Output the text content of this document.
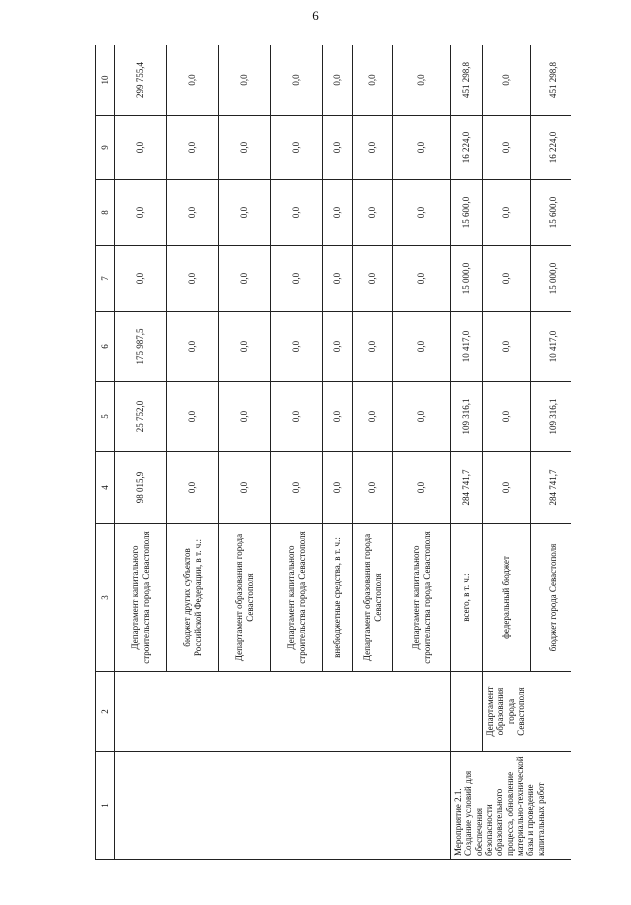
6
1	2	3	4	5	6	7	8	9	10
		Департамент капитального строительства города Севастополя	98 015,9	25 752,0	175 987,5	0,0	0,0	0,0	299 755,4
		бюджет других субъектов Российской Федерации, в т. ч.:	0,0	0,0	0,0	0,0	0,0	0,0	0,0
		Департамент образования города Севастополя	0,0	0,0	0,0	0,0	0,0	0,0	0,0
		Департамент капитального строительства города Севастополя	0,0	0,0	0,0	0,0	0,0	0,0	0,0
		внебюджетные средства, в т. ч.:	0,0	0,0	0,0	0,0	0,0	0,0	0,0
		Департамент образования города Севастополя	0,0	0,0	0,0	0,0	0,0	0,0	0,0
		Департамент капитального строительства города Севастополя	0,0	0,0	0,0	0,0	0,0	0,0	0,0
Мероприятие 2.1. Создание условий для обеспечения безопасности образовательного процесса, обновление материально-технической базы и проведение капитальных работ		всего, в т. ч.:	284 741,7	109 316,1	10 417,0	15 000,0	15 600,0	16 224,0	451 298,8
	Департамент образования города Севастополя	федеральный бюджет	0,0	0,0	0,0	0,0	0,0	0,0	0,0
		бюджет города Севастополя	284 741,7	109 316,1	10 417,0	15 000,0	15 600,0	16 224,0	451 298,8
